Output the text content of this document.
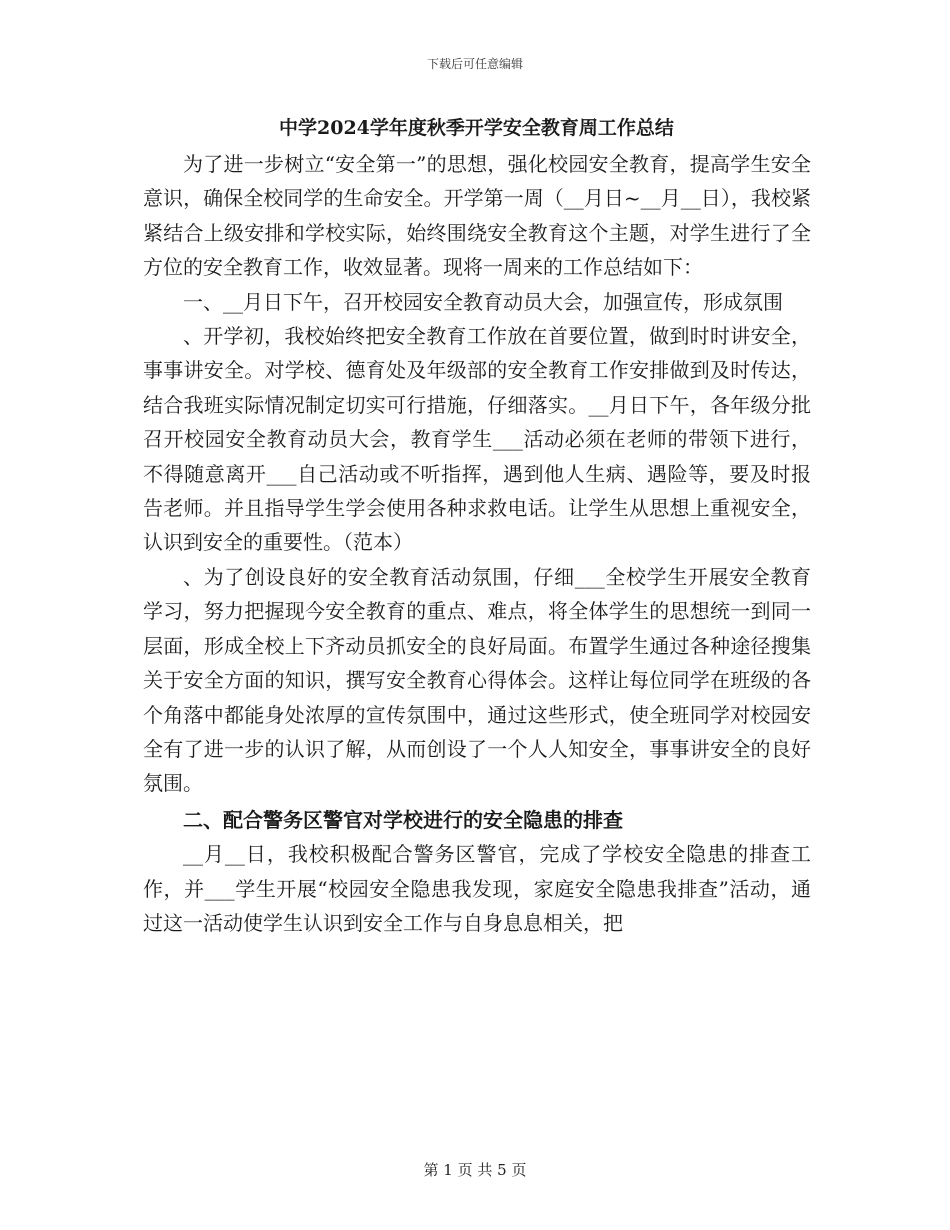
下载后可任意编辑
中学2024学年度秋季开学安全教育周工作总结

为了进一步树立“安全第一”的思想，强化校园安全教育，提高学生安全意识，确保全校同学的生命安全。开学第一周（__月日~__月__日），我校紧紧结合上级安排和学校实际，始终围绕安全教育这个主题，对学生进行了全方位的安全教育工作，收效显著。现将一周来的工作总结如下：

一、__月日下午，召开校园安全教育动员大会，加强宣传，形成氛围

、开学初，我校始终把安全教育工作放在首要位置，做到时时讲安全，事事讲安全。对学校、德育处及年级部的安全教育工作安排做到及时传达，结合我班实际情况制定切实可行措施，仔细落实。__月日下午，各年级分批召开校园安全教育动员大会，教育学生___活动必须在老师的带领下进行，不得随意离开___自己活动或不听指挥，遇到他人生病、遇险等，要及时报告老师。并且指导学生学会使用各种求救电话。让学生从思想上重视安全，认识到安全的重要性。（范本）

、为了创设良好的安全教育活动氛围，仔细___全校学生开展安全教育学习，努力把握现今安全教育的重点、难点，将全体学生的思想统一到同一层面，形成全校上下齐动员抓安全的良好局面。布置学生通过各种途径搜集关于安全方面的知识，撰写安全教育心得体会。这样让每位同学在班级的各个角落中都能身处浓厚的宣传氛围中，通过这些形式，使全班同学对校园安全有了进一步的认识了解，从而创设了一个人人知安全，事事讲安全的良好氛围。

二、配合警务区警官对学校进行的安全隐患的排查

__月__日，我校积极配合警务区警官，完成了学校安全隐患的排查工作，并___学生开展“校园安全隐患我发现，家庭安全隐患我排查”活动，通过这一活动使学生认识到安全工作与自身息息相关，把

第 1 页 共 5 页
